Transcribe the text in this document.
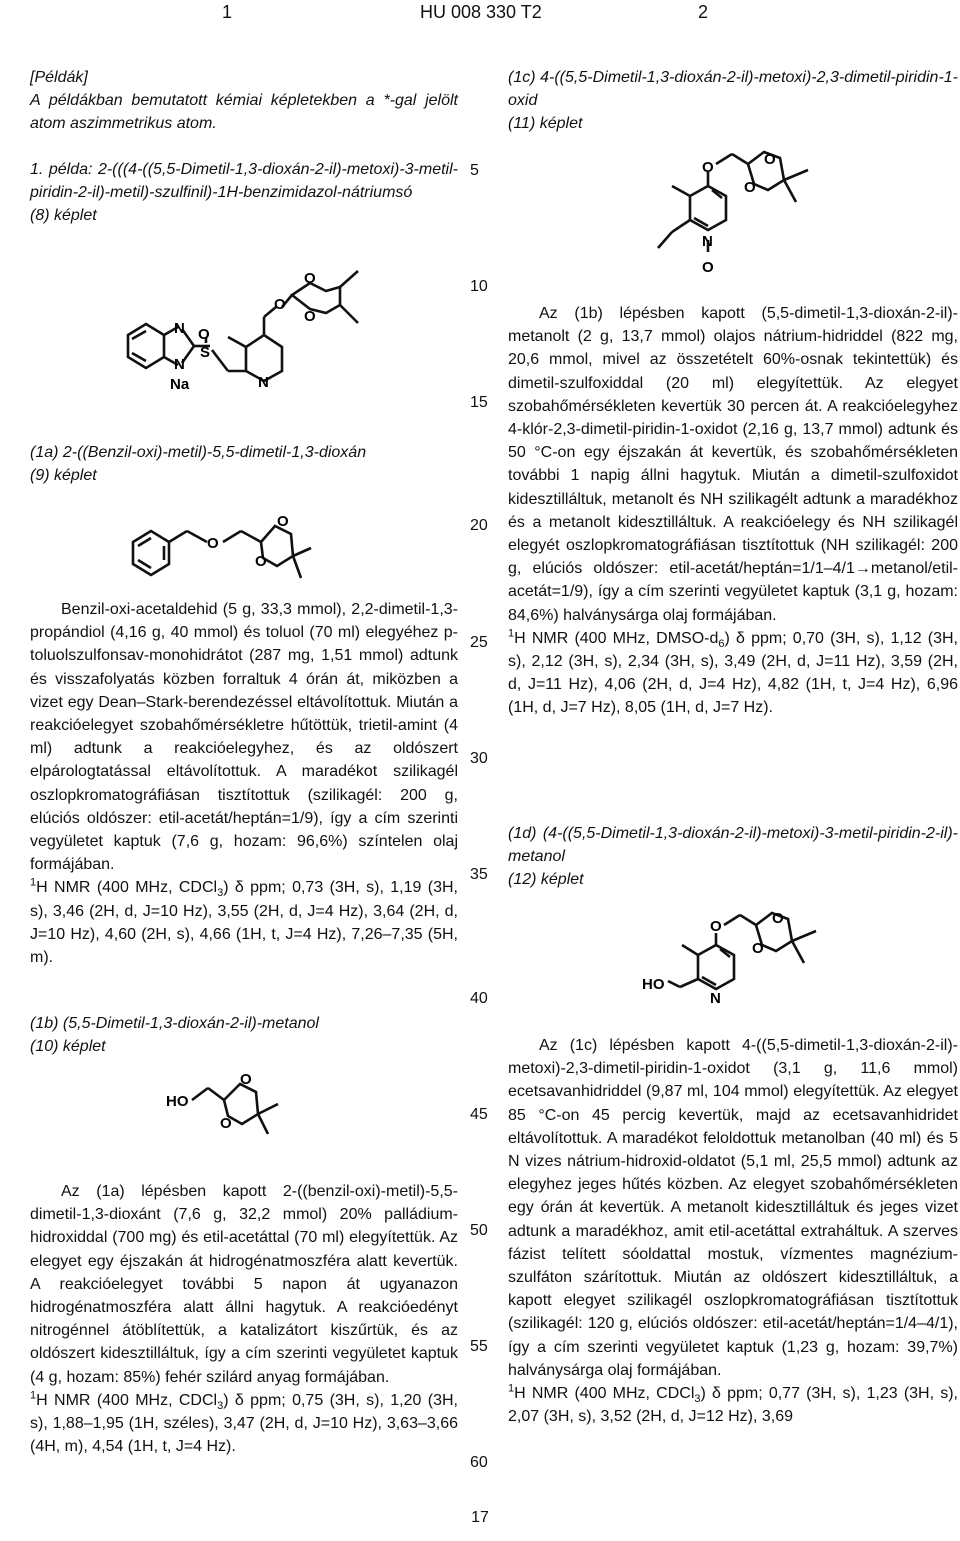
1	HU 008 330 T2	2

[Példák]

A példákban bemutatott kémiai képletekben a *-gal jelölt atom aszimmetrikus atom.

1. példa: 2-(((4-((5,5-Dimetil-1,3-dioxán-2-il)-metoxi)-3-metil-piridin-2-il)-metil)-szulfinil)-1H-benzimidazol-nátriumsó

(8) képlet

N
N
Na
O
S
N
O
O
O

(1a) 2-((Benzil-oxi)-metil)-5,5-dimetil-1,3-dioxán

(9) képlet

O
O
O

Benzil-oxi-acetaldehid (5 g, 33,3 mmol), 2,2-dimetil-1,3-propándiol (4,16 g, 40 mmol) és toluol (70 ml) elegyéhez p-toluolszulfonsav-monohidrátot (287 mg, 1,51 mmol) adtunk és visszafolyatás közben forraltuk 4 órán át, miközben a vizet egy Dean–Stark-berendezéssel eltávolítottuk. Miután a reakcióelegyet szobahőmérsékletre hűtöttük, trietil-amint (4 ml) adtunk a reakcióelegyhez, és az oldószert elpárologtatással eltávolítottuk. A maradékot szilikagél oszlopkromatográfiásan tisztítottuk (szilikagél: 200 g, elúciós oldószer: etil-acetát/heptán=1/9), így a cím szerinti vegyületet kaptuk (7,6 g, hozam: 96,6%) színtelen olaj formájában.

$^1$H NMR (400 MHz, CDCl$_3$) δ ppm; 0,73 (3H, s), 1,19 (3H, s), 3,46 (2H, d, J=10 Hz), 3,55 (2H, d, J=4 Hz), 3,64 (2H, d, J=10 Hz), 4,60 (2H, s), 4,66 (1H, t, J=4 Hz), 7,26–7,35 (5H, m).

(1b) (5,5-Dimetil-1,3-dioxán-2-il)-metanol

(10) képlet

HO
O
O

Az (1a) lépésben kapott 2-((benzil-oxi)-metil)-5,5-dimetil-1,3-dioxánt (7,6 g, 32,2 mmol) 20% palládium-hidroxiddal (700 mg) és etil-acetáttal (70 ml) elegyítettük. Az elegyet egy éjszakán át hidrogénatmoszféra alatt kevertük. A reakcióelegyet további 5 napon át ugyanazon hidrogénatmoszféra alatt állni hagytuk. A reakcióedényt nitrogénnel átöblítettük, a katalizátort kiszűrtük, és az oldószert kidesztilláltuk, így a cím szerinti vegyületet kaptuk (4 g, hozam: 85%) fehér szilárd anyag formájában.

$^1$H NMR (400 MHz, CDCl$_3$) δ ppm; 0,75 (3H, s), 1,20 (3H, s), 1,88–1,95 (1H, széles), 3,47 (2H, d, J=10 Hz), 3,63–3,66 (4H, m), 4,54 (1H, t, J=4 Hz).

5
10
15
20
25
30
35
40
45
50
55
60

(1c) 4-((5,5-Dimetil-1,3-dioxán-2-il)-metoxi)-2,3-dimetil-piridin-1-oxid

(11) képlet

O
N
O
O
O

Az (1b) lépésben kapott (5,5-dimetil-1,3-dioxán-2-il)-metanolt (2 g, 13,7 mmol) olajos nátrium-hidriddel (822 mg, 20,6 mmol, mivel az összetételt 60%-osnak tekintettük) és dimetil-szulfoxiddal (20 ml) elegyítettük. Az elegyet szobahőmérsékleten kevertük 30 percen át. A reakcióelegyhez 4-klór-2,3-dimetil-piridin-1-oxidot (2,16 g, 13,7 mmol) adtunk és 50 °C-on egy éjszakán át kevertük, és szobahőmérsékleten további 1 napig állni hagytuk. Miután a dimetil-szulfoxidot kidesztilláltuk, metanolt és NH szilikagélt adtunk a maradékhoz és a metanolt kidesztilláltuk. A reakcióelegy és NH szilikagél elegyét oszlopkromatográfiásan tisztítottuk (NH szilikagél: 200 g, elúciós oldószer: etil-acetát/heptán=1/1–4/1→metanol/etil-acetát=1/9), így a cím szerinti vegyületet kaptuk (3,1 g, hozam: 84,6%) halványsárga olaj formájában.

$^1$H NMR (400 MHz, DMSO-$d_6$) δ ppm; 0,70 (3H, s), 1,12 (3H, s), 2,12 (3H, s), 2,34 (3H, s), 3,49 (2H, d, J=11 Hz), 3,59 (2H, d, J=11 Hz), 4,06 (2H, d, J=4 Hz), 4,82 (1H, t, J=4 Hz), 6,96 (1H, d, J=7 Hz), 8,05 (1H, d, J=7 Hz).

(1d) (4-((5,5-Dimetil-1,3-dioxán-2-il)-metoxi)-3-metil-piridin-2-il)-metanol

(12) képlet

HO
N
O	O
O

Az (1c) lépésben kapott 4-((5,5-dimetil-1,3-dioxán-2-il)-metoxi)-2,3-dimetil-piridin-1-oxidot (3,1 g, 11,6 mmol) ecetsavanhidriddel (9,87 ml, 104 mmol) elegyítettük. Az elegyet 85 °C-on 45 percig kevertük, majd az ecetsavanhidridet eltávolítottuk. A maradékot feloldottuk metanolban (40 ml) és 5 N vizes nátrium-hidroxid-oldatot (5,1 ml, 25,5 mmol) adtunk az elegyhez jeges hűtés közben. Az elegyet szobahőmérsékleten egy órán át kevertük. A metanolt kidesztilláltuk és jeges vizet adtunk a maradékhoz, amit etil-acetáttal extraháltuk. A szerves fázist telített sóoldattal mostuk, vízmentes magnézium-szulfáton szárítottuk. Miután az oldószert kidesztilláltuk, a kapott elegyet szilikagél oszlopkromatográfiásan tisztítottuk (szilikagél: 120 g, elúciós oldószer: etil-acetát/heptán=1/4–4/1), így a cím szerinti vegyületet kaptuk (1,23 g, hozam: 39,7%) halványsárga olaj formájában.

$^1$H NMR (400 MHz, CDCl$_3$) δ ppm; 0,77 (3H, s), 1,23 (3H, s), 2,07 (3H, s), 3,52 (2H, d, J=12 Hz), 3,69

17
